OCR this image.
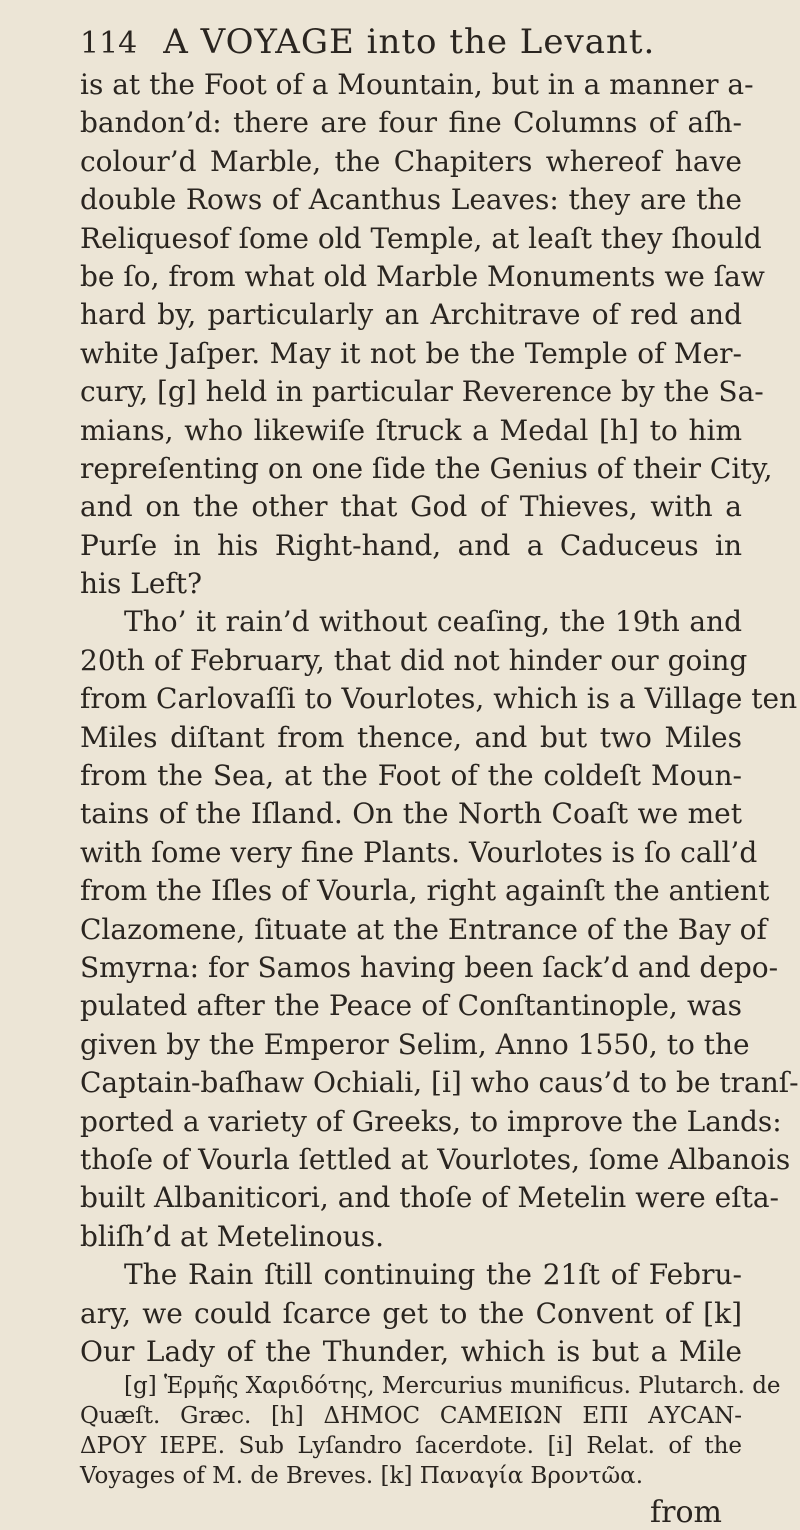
114 A VOYAGE into the Levant.
is at the Foot of a Mountain, but in a manner a-
bandon’d: there are four fine Columns of aſh-
colour’d Marble, the Chapiters whereof have
double Rows of Acanthus Leaves: they are the
Reliquesof ſome old Temple, at leaſt they ſhould
be ſo, from what old Marble Monuments we ſaw
hard by, particularly an Architrave of red and
white Jaſper. May it not be the Temple of Mer-
cury, [g] held in particular Reverence by the Sa-
mians, who likewiſe ſtruck a Medal [h] to him
repreſenting on one ſide the Genius of their City,
and on the other that God of Thieves, with a
Purſe in his Right-hand, and a Caduceus in
his Left?
Tho’ it rain’d without ceaſing, the 19th and
20th of February, that did not hinder our going
from Carlovaſſi to Vourlotes, which is a Village ten
Miles diſtant from thence, and but two Miles
from the Sea, at the Foot of the coldeſt Moun-
tains of the Iſland. On the North Coaſt we met
with ſome very fine Plants. Vourlotes is ſo call’d
from the Iſles of Vourla, right againſt the antient
Clazomene, ſituate at the Entrance of the Bay of
Smyrna: for Samos having been ſack’d and depo-
pulated after the Peace of Conſtantinople, was
given by the Emperor Selim, Anno 1550, to the
Captain-baſhaw Ochiali, [i] who caus’d to be tranſ-
ported a variety of Greeks, to improve the Lands:
thoſe of Vourla ſettled at Vourlotes, ſome Albanois
built Albaniticori, and thoſe of Metelin were eſta-
bliſh’d at Metelinous.
The Rain ſtill continuing the 21ſt of Febru-
ary, we could ſcarce get to the Convent of [k]
Our Lady of the Thunder, which is but a Mile
[g] Ἑρμῆς Χαριδότης, Mercurius munificus. Plutarch. de
Quæſt. Græc. [h] ΔΗΜΟC CΑΜΕΙΩΝ ΕΠΙ ΑΥCΑΝ-
ΔΡΟΥ ΙΕΡΕ. Sub Lyſandro ſacerdote. [i] Relat. of the
Voyages of M. de Breves. [k] Παναγία Βροντῶα.
from
